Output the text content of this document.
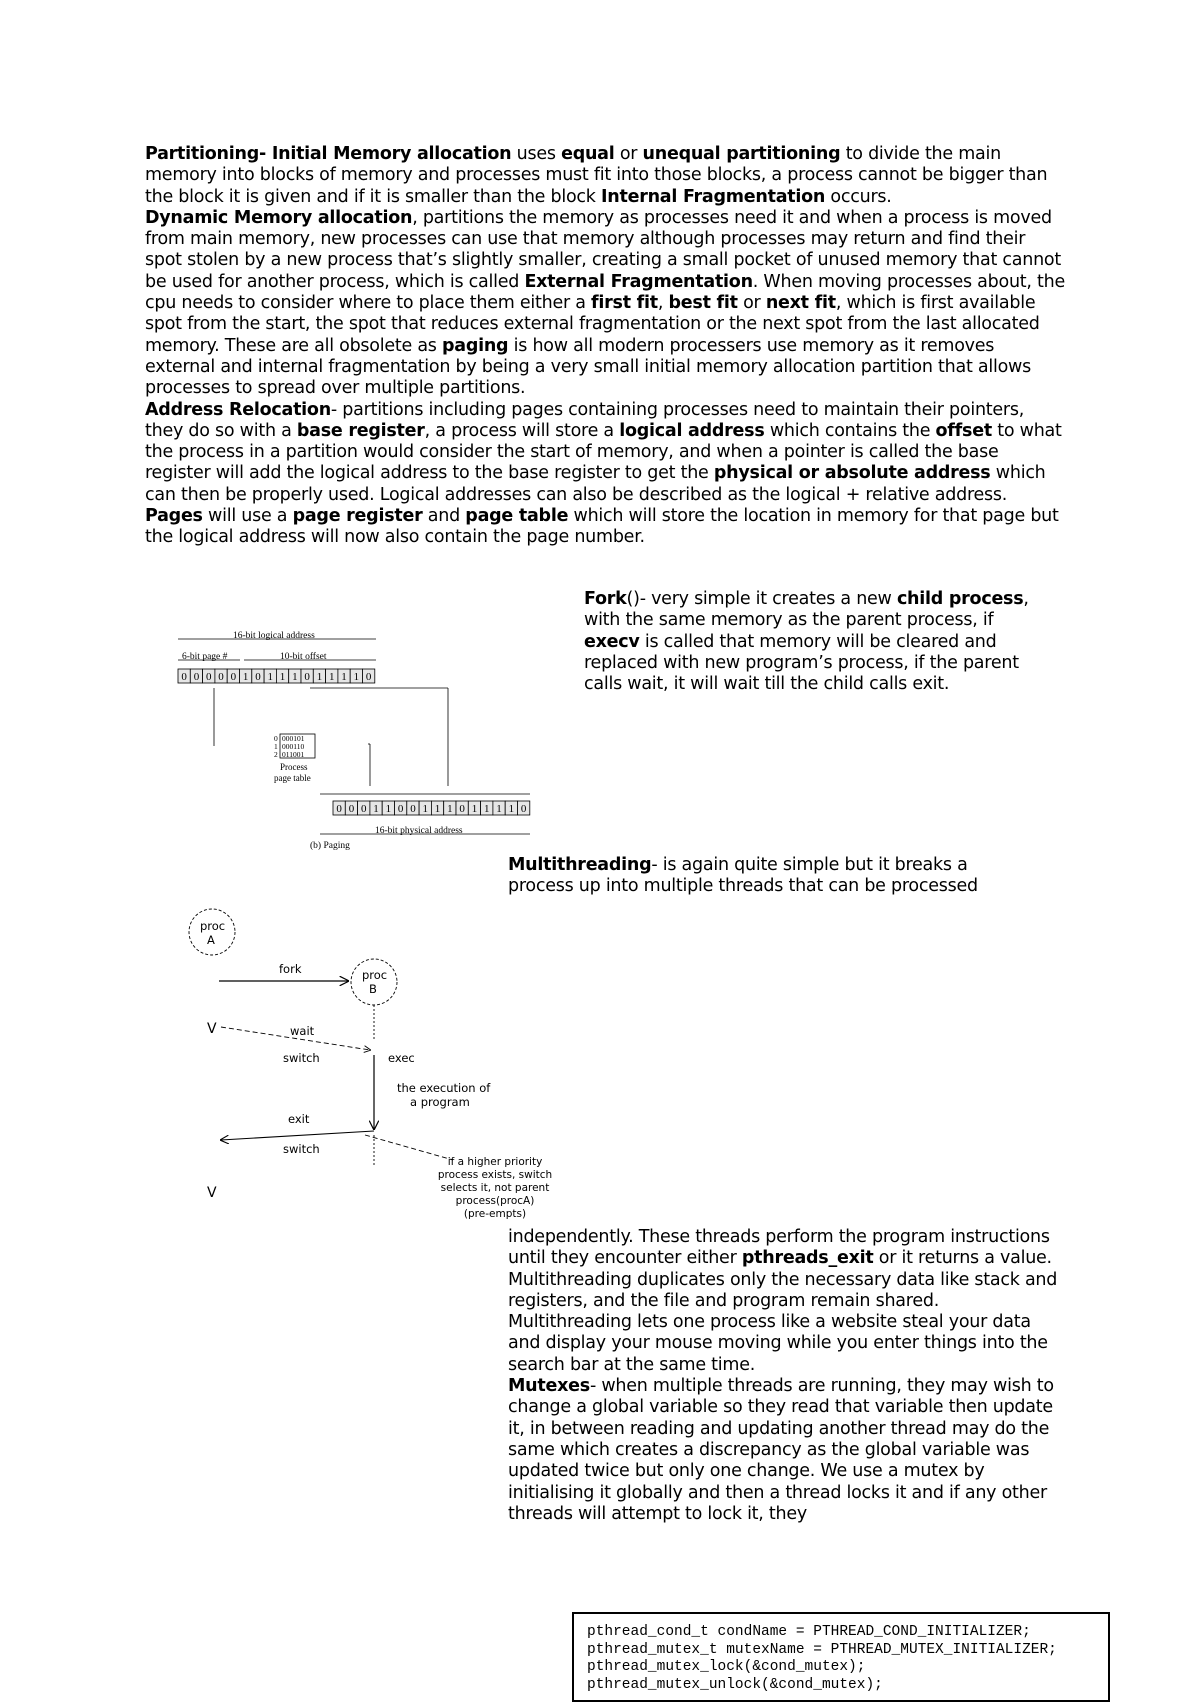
Partitioning- Initial Memory allocation uses equal or unequal partitioning to divide the main memory into blocks of memory and processes must fit into those blocks, a process cannot be bigger than the block it is given and if it is smaller than the block Internal Fragmentation occurs.

Dynamic Memory allocation, partitions the memory as processes need it and when a process is moved from main memory, new processes can use that memory although processes may return and find their spot stolen by a new process that’s slightly smaller, creating a small pocket of unused memory that cannot be used for another process, which is called External Fragmentation. When moving processes about, the cpu needs to consider where to place them either a first fit, best fit or next fit, which is first available spot from the start, the spot that reduces external fragmentation or the next spot from the last allocated memory. These are all obsolete as paging is how all modern processers use memory as it removes external and internal fragmentation by being a very small initial memory allocation partition that allows processes to spread over multiple partitions.

Address Relocation- partitions including pages containing processes need to maintain their pointers, they do so with a base register, a process will store a logical address which contains the offset to what the process in a partition would consider the start of memory, and when a pointer is called the base register will add the logical address to the base register to get the physical or absolute address which can then be properly used. Logical addresses can also be described as the logical + relative address. Pages will use a page register and page table which will store the location in memory for that page but the logical address will now also contain the page number.

16-bit logical address
6-bit page #	10-bit offset
0 0 0 0 0 1 0 1 1 1 0 1 1 1 1 0
0 000101
1 000110
2 011001
Process
page table
0 0 0 1 1 0 0 1 1 1 0 1 1 1 1 0
16-bit physical address
(b) Paging
Fork()- very simple it creates a new child process, with the same memory as the parent process, if execv is called that memory will be cleared and replaced with new program’s process, if the parent calls wait, it will wait till the child calls exit.
Multithreading- is again quite simple but it breaks a process up into multiple threads that can be processed
proc
A
fork	proc
B
V	wait
switch	exec
the execution of
a program
exit
switch
V
if a higher priority
process exists, switch
selects it, not parent
process(procA)
(pre-empts)

independently. These threads perform the program instructions until they encounter either pthreads_exit or it returns a value. Multithreading duplicates only the necessary data like stack and registers, and the file and program remain shared. Multithreading lets one process like a website steal your data and display your mouse moving while you enter things into the search bar at the same time.

Mutexes- when multiple threads are running, they may wish to change a global variable so they read that variable then update it, in between reading and updating another thread may do the same which creates a discrepancy as the global variable was updated twice but only one change. We use a mutex by initialising it globally and then a thread locks it and if any other threads will attempt to lock it, they

pthread_cond_t condName = PTHREAD_COND_INITIALIZER;
pthread_mutex_t mutexName = PTHREAD_MUTEX_INITIALIZER;
pthread_mutex_lock(&cond_mutex);
pthread_mutex_unlock(&cond_mutex);
